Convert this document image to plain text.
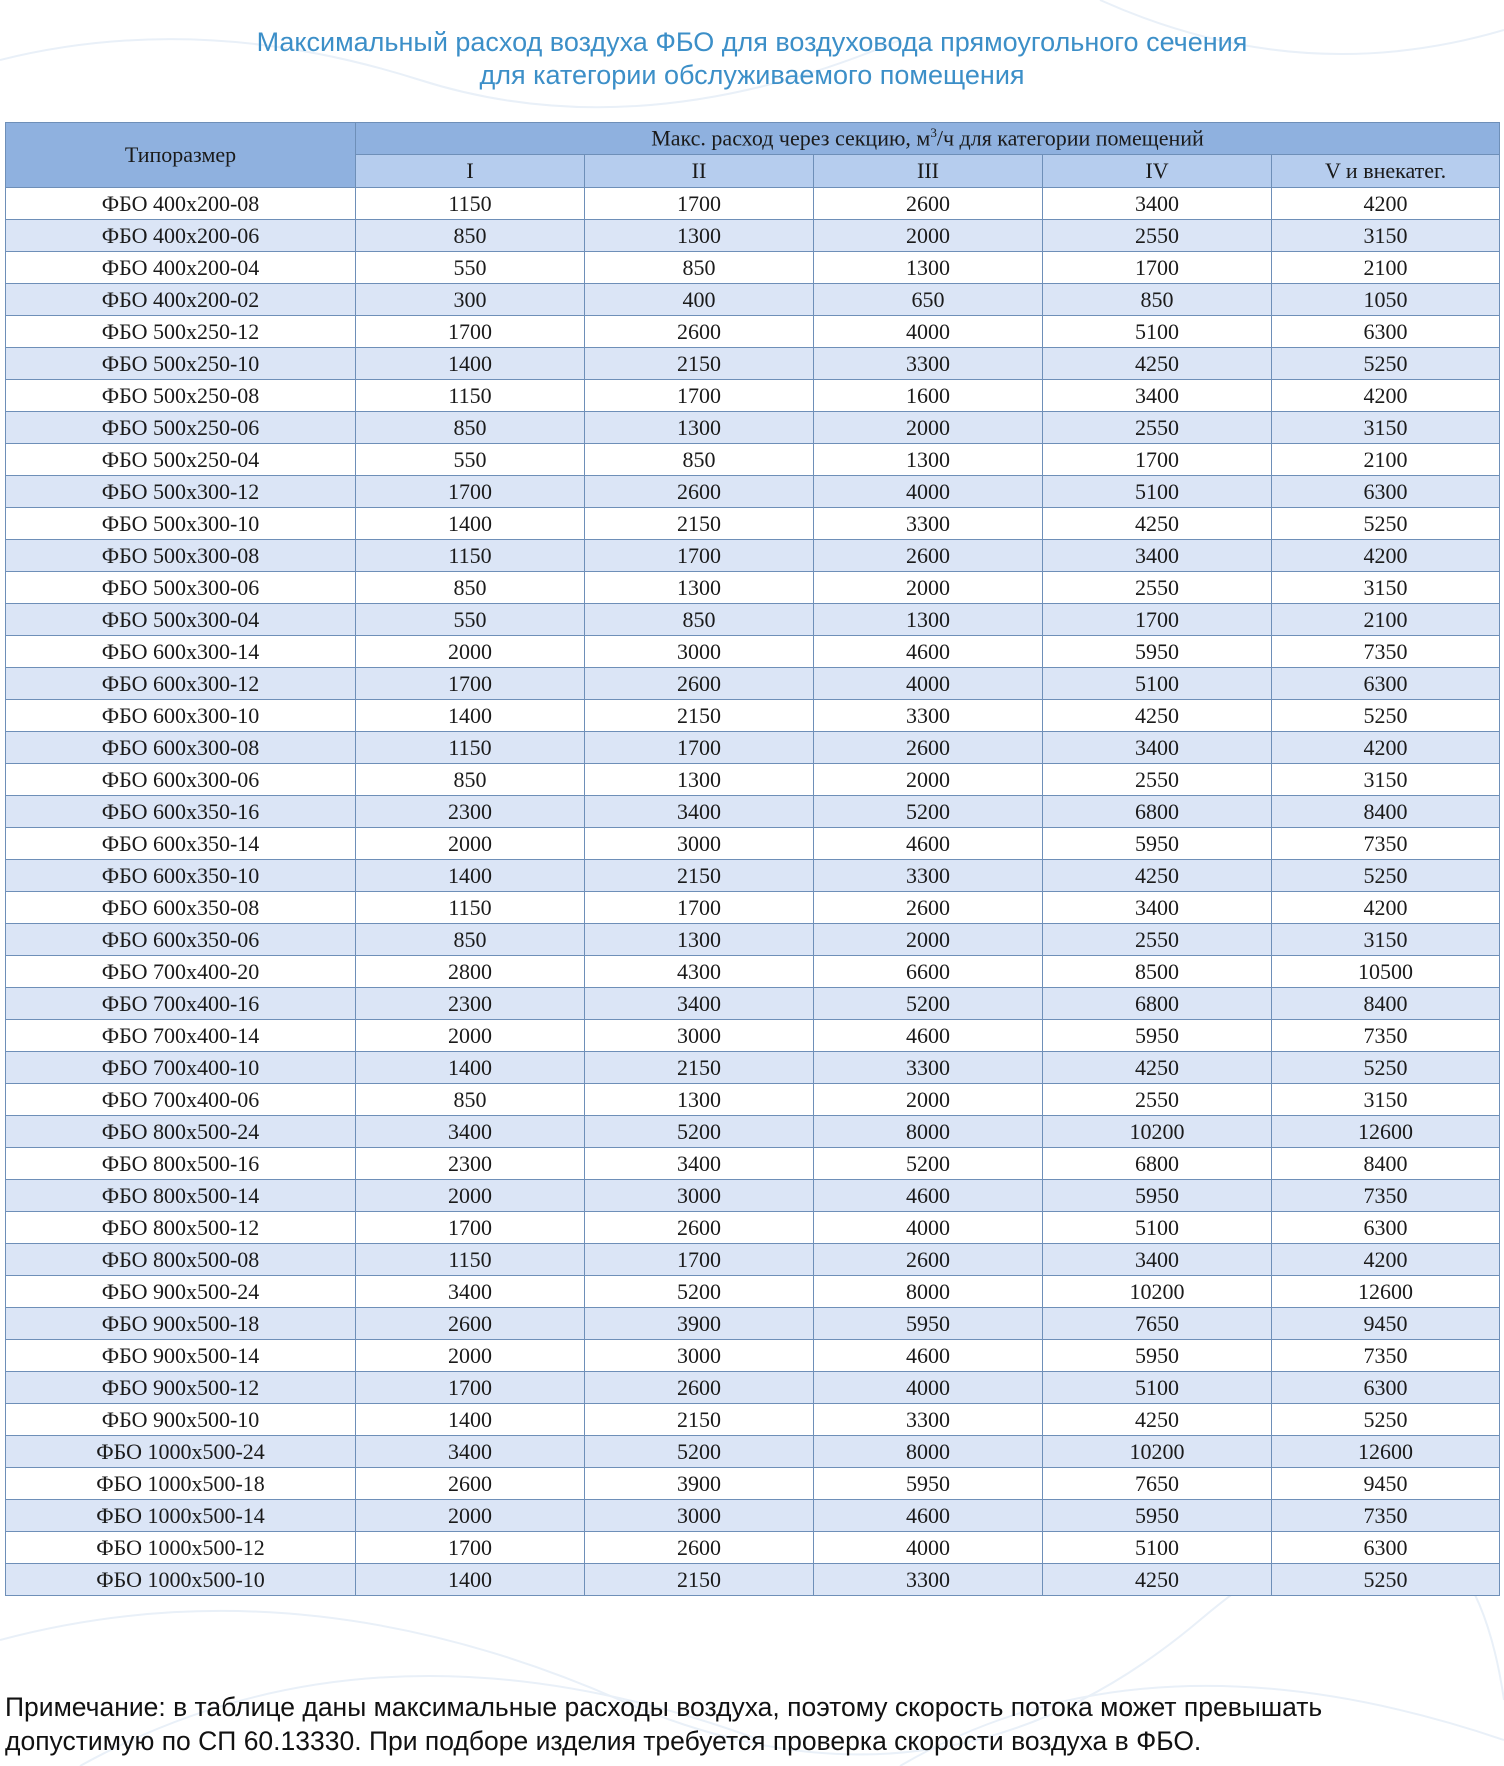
Максимальный расход воздуха ФБО для воздуховода прямоугольного сечения
для категории обслуживаемого помещения
Типоразмер	Макс. расход через секцию, $м^3/ч$ для категории помещений				
	I	II	III	IV	V и внекатег.
ФБО 400x200-08	1150	1700	2600	3400	4200
ФБО 400x200-06	850	1300	2000	2550	3150
ФБО 400x200-04	550	850	1300	1700	2100
ФБО 400x200-02	300	400	650	850	1050
ФБО 500x250-12	1700	2600	4000	5100	6300
ФБО 500x250-10	1400	2150	3300	4250	5250
ФБО 500x250-08	1150	1700	1600	3400	4200
ФБО 500x250-06	850	1300	2000	2550	3150
ФБО 500x250-04	550	850	1300	1700	2100
ФБО 500x300-12	1700	2600	4000	5100	6300
ФБО 500x300-10	1400	2150	3300	4250	5250
ФБО 500x300-08	1150	1700	2600	3400	4200
ФБО 500x300-06	850	1300	2000	2550	3150
ФБО 500x300-04	550	850	1300	1700	2100
ФБО 600x300-14	2000	3000	4600	5950	7350
ФБО 600x300-12	1700	2600	4000	5100	6300
ФБО 600x300-10	1400	2150	3300	4250	5250
ФБО 600x300-08	1150	1700	2600	3400	4200
ФБО 600x300-06	850	1300	2000	2550	3150
ФБО 600x350-16	2300	3400	5200	6800	8400
ФБО 600x350-14	2000	3000	4600	5950	7350
ФБО 600x350-10	1400	2150	3300	4250	5250
ФБО 600x350-08	1150	1700	2600	3400	4200
ФБО 600x350-06	850	1300	2000	2550	3150
ФБО 700x400-20	2800	4300	6600	8500	10500
ФБО 700x400-16	2300	3400	5200	6800	8400
ФБО 700x400-14	2000	3000	4600	5950	7350
ФБО 700x400-10	1400	2150	3300	4250	5250
ФБО 700x400-06	850	1300	2000	2550	3150
ФБО 800x500-24	3400	5200	8000	10200	12600
ФБО 800x500-16	2300	3400	5200	6800	8400
ФБО 800x500-14	2000	3000	4600	5950	7350
ФБО 800x500-12	1700	2600	4000	5100	6300
ФБО 800x500-08	1150	1700	2600	3400	4200
ФБО 900x500-24	3400	5200	8000	10200	12600
ФБО 900x500-18	2600	3900	5950	7650	9450
ФБО 900x500-14	2000	3000	4600	5950	7350
ФБО 900x500-12	1700	2600	4000	5100	6300
ФБО 900x500-10	1400	2150	3300	4250	5250
ФБО 1000x500-24	3400	5200	8000	10200	12600
ФБО 1000x500-18	2600	3900	5950	7650	9450
ФБО 1000x500-14	2000	3000	4600	5950	7350
ФБО 1000x500-12	1700	2600	4000	5100	6300
ФБО 1000x500-10	1400	2150	3300	4250	5250
Примечание: в таблице даны максимальные расходы воздуха, поэтому скорость потока может превышать
допустимую по СП 60.13330. При подборе изделия требуется проверка скорости воздуха в ФБО.
